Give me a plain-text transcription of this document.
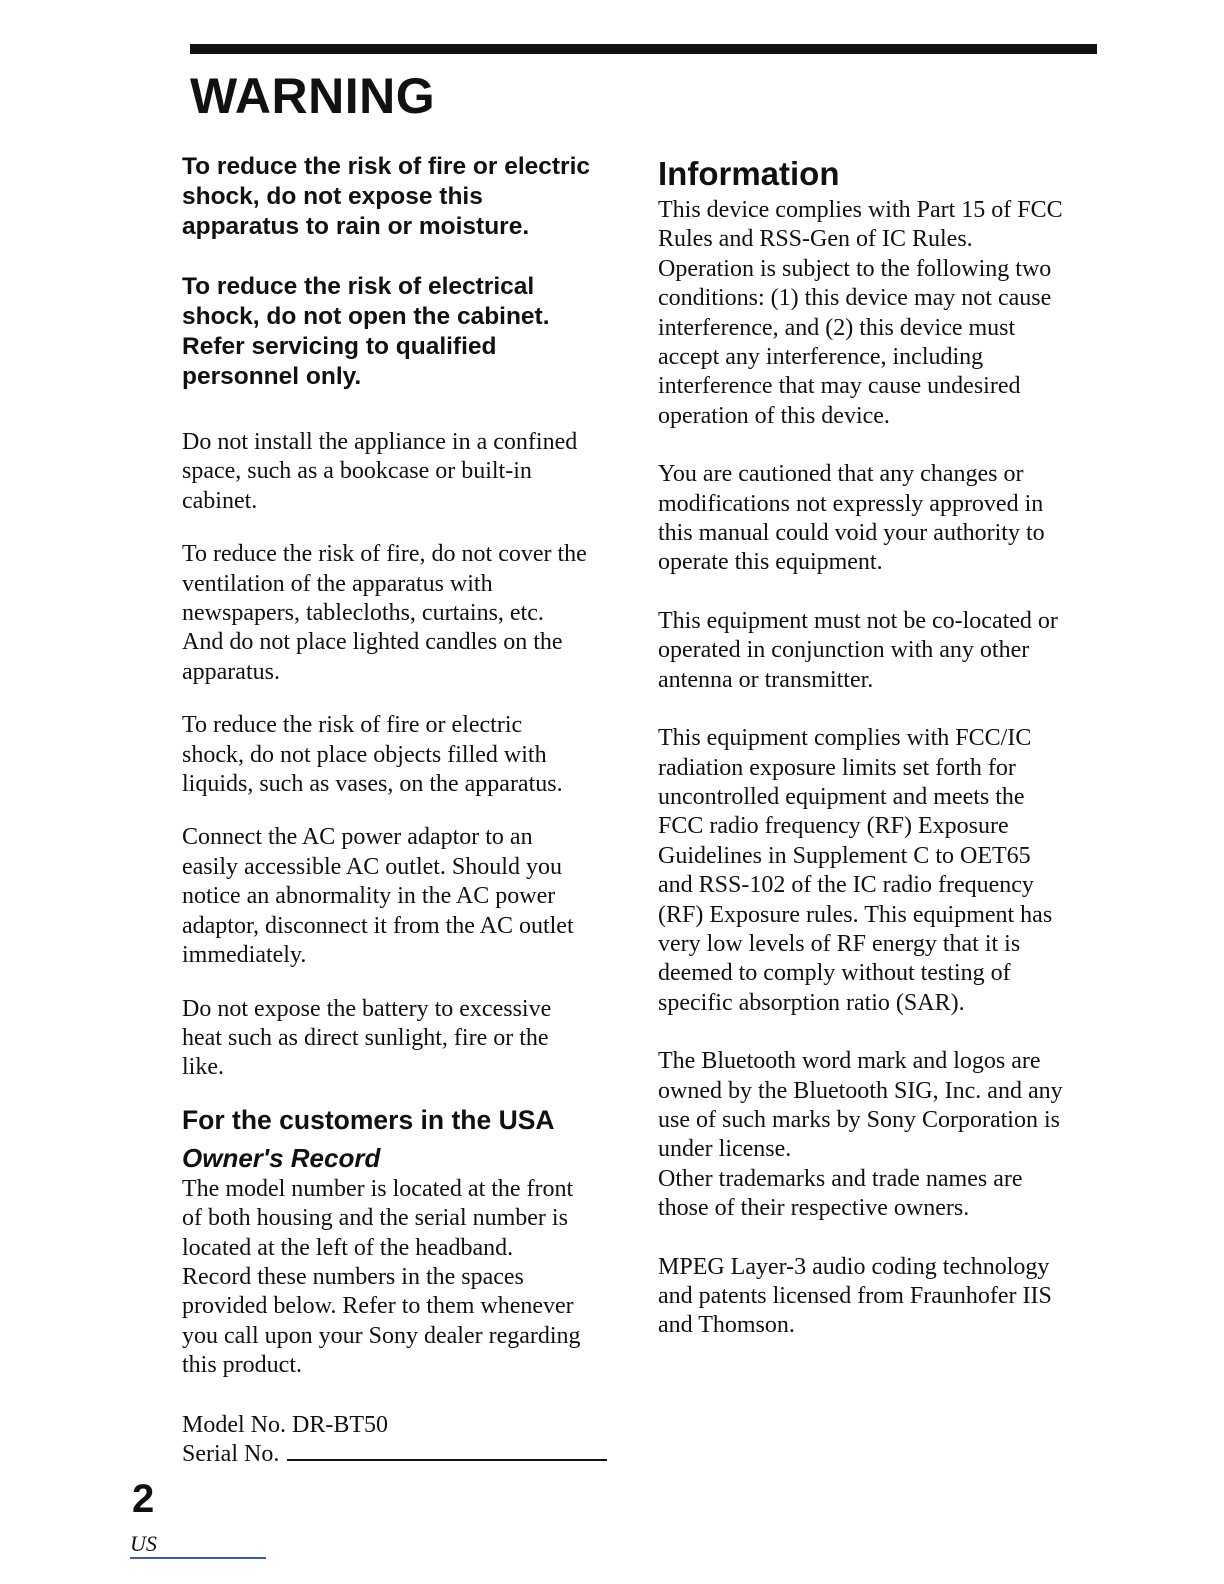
WARNING

To reduce the risk of fire or electric
shock, do not expose this
apparatus to rain or moisture.

To reduce the risk of electrical
shock, do not open the cabinet.
Refer servicing to qualified
personnel only.

Do not install the appliance in a confined
space, such as a bookcase or built-in
cabinet.

To reduce the risk of fire, do not cover the
ventilation of the apparatus with
newspapers, tablecloths, curtains, etc.
And do not place lighted candles on the
apparatus.

To reduce the risk of fire or electric
shock, do not place objects filled with
liquids, such as vases, on the apparatus.

Connect the AC power adaptor to an
easily accessible AC outlet. Should you
notice an abnormality in the AC power
adaptor, disconnect it from the AC outlet
immediately.

Do not expose the battery to excessive
heat such as direct sunlight, fire or the
like.

For the customers in the USA
Owner's Record

The model number is located at the front
of both housing and the serial number is
located at the left of the headband.
Record these numbers in the spaces
provided below. Refer to them whenever
you call upon your Sony dealer regarding
this product.

Model No. DR-BT50

Serial No.

Information

This device complies with Part 15 of FCC
Rules and RSS-Gen of IC Rules.
Operation is subject to the following two
conditions: (1) this device may not cause
interference, and (2) this device must
accept any interference, including
interference that may cause undesired
operation of this device.

You are cautioned that any changes or
modifications not expressly approved in
this manual could void your authority to
operate this equipment.

This equipment must not be co-located or
operated in conjunction with any other
antenna or transmitter.

This equipment complies with FCC/IC
radiation exposure limits set forth for
uncontrolled equipment and meets the
FCC radio frequency (RF) Exposure
Guidelines in Supplement C to OET65
and RSS-102 of the IC radio frequency
(RF) Exposure rules. This equipment has
very low levels of RF energy that it is
deemed to comply without testing of
specific absorption ratio (SAR).

The Bluetooth word mark and logos are
owned by the Bluetooth SIG, Inc. and any
use of such marks by Sony Corporation is
under license.
Other trademarks and trade names are
those of their respective owners.

MPEG Layer-3 audio coding technology
and patents licensed from Fraunhofer IIS
and Thomson.

2
US
